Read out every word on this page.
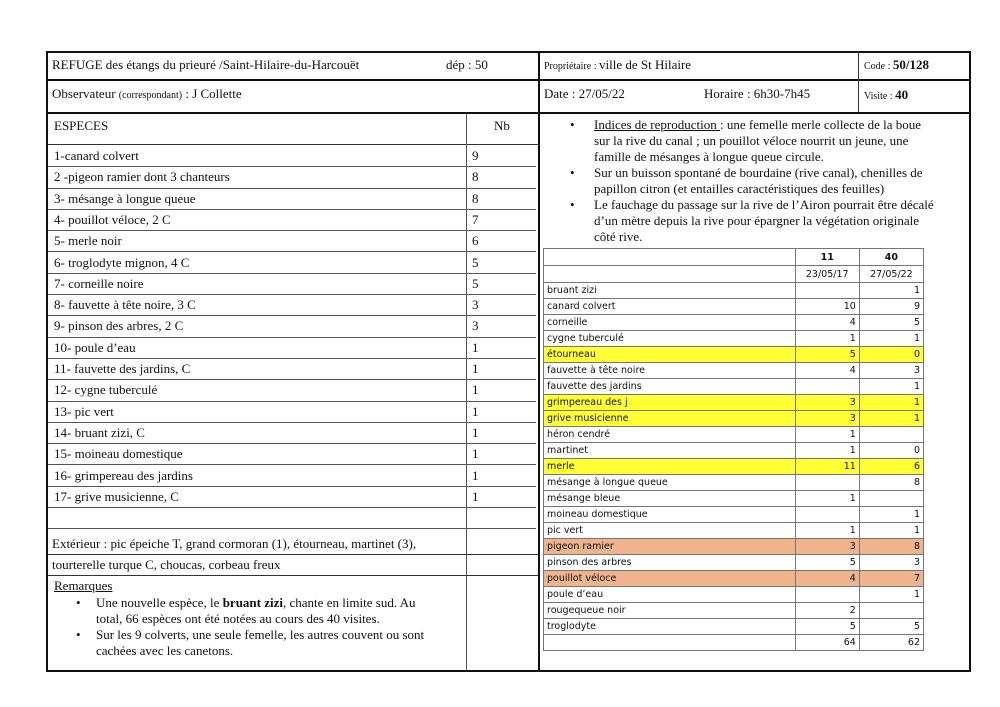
REFUGE des étangs du prieuré /Saint-Hilaire-du-Harcouët	dép : 50	Propriétaire : ville de St Hilaire	Code : 50/128
Observateur (correspondant) : J Collette	Date : 27/05/22	Horaire : 6h30-7h45	Visite : 40
ESPECES	Nb
1-canard colvert	9
2 -pigeon ramier dont 3 chanteurs	8
3- mésange à longue queue	8
4- pouillot véloce, 2 C	7
5- merle noir	6
6- troglodyte mignon, 4 C	5
7- corneille noire	5
8- fauvette à tête noire, 3 C	3
9- pinson des arbres, 2 C	3
10- poule d’eau	1
11- fauvette des jardins, C	1
12- cygne tuberculé	1
13- pic vert	1
14- bruant zizi, C	1
15- moineau domestique	1
16- grimpereau des jardins	1
17- grive musicienne, C	1
Extérieur : pic épeiche T, grand cormoran (1), étourneau, martinet (3),
tourterelle turque C, choucas, corbeau freux
Remarques
• Une nouvelle espèce, le bruant zizi, chante en limite sud. Au
total, 66 espèces ont été notées au cours des 40 visites.
• Sur les 9 colverts, une seule femelle, les autres couvent ou sont
cachées avec les canetons.
• Indices de reproduction : une femelle merle collecte de la boue
sur la rive du canal ; un pouillot véloce nourrit un jeune, une
famille de mésanges à longue queue circule.
• Sur un buisson spontané de bourdaine (rive canal), chenilles de
papillon citron (et entailles caractéristiques des feuilles)
• Le fauchage du passage sur la rive de l’Airon pourrait être décalé
d’un mètre depuis la rive pour épargner la végétation originale
côté rive.
	11	40
	23/05/17	27/05/22
bruant zizi		1
canard colvert	10	9
corneille	4	5
cygne tuberculé	1	1
étourneau	5	0
fauvette à tête noire	4	3
fauvette des jardins		1
grimpereau des j	3	1
grive musicienne	3	1
héron cendré	1	
martinet	1	0
merle	11	6
mésange à longue queue		8
mésange bleue	1	
moineau domestique		1
pic vert	1	1
pigeon ramier	3	8
pinson des arbres	5	3
pouillot véloce	4	7
poule d’eau		1
rougequeue noir	2	
troglodyte	5	5
	64	62
